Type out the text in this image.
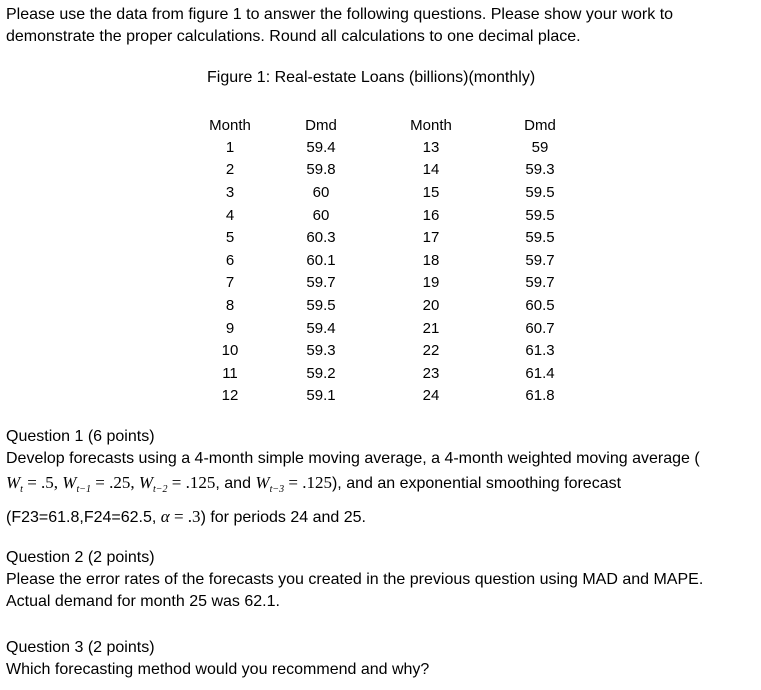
Please use the data from figure 1 to answer the following questions. Please show your work to
demonstrate the proper calculations. Round all calculations to one decimal place.
Figure 1: Real-estate Loans (billions)(monthly)
Month	Dmd	Month	Dmd
1	59.4	13	59
2	59.8	14	59.3
3	60	15	59.5
4	60	16	59.5
5	60.3	17	59.5
6	60.1	18	59.7
7	59.7	19	59.7
8	59.5	20	60.5
9	59.4	21	60.7
10	59.3	22	61.3
11	59.2	23	61.4
12	59.1	24	61.8
Question 1 (6 points)
Develop forecasts using a 4-month simple moving average, a 4-month weighted moving average (
$W_t = .5$, $W_{t-1} = .25$, $W_{t-2} = .125$, and $W_{t-3} = .125$), and an exponential smoothing forecast
(F23=61.8,F24=62.5, α = .3) for periods 24 and 25.
Question 2 (2 points)
Please the error rates of the forecasts you created in the previous question using MAD and MAPE.
Actual demand for month 25 was 62.1.
Question 3 (2 points)
Which forecasting method would you recommend and why?
